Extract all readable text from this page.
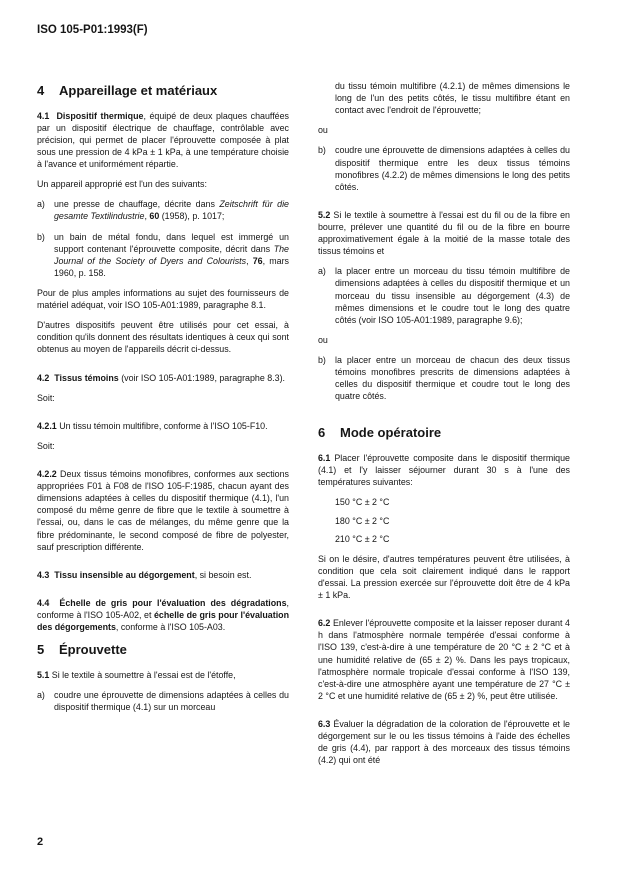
ISO 105-P01:1993(F)
4	Appareillage et matériaux

4.1 Dispositif thermique, équipé de deux plaques chauffées par un dispositif électrique de chauffage, contrôlable avec précision, qui permet de placer l'éprouvette composée à plat sous une pression de 4 kPa ± 1 kPa, à une température choisie à l'avance et uniformément répartie.

Un appareil approprié est l'un des suivants:

a)	une presse de chauffage, décrite dans Zeitschrift für die gesamte Textilindustrie, 60 (1958), p. 1017;
b)	un bain de métal fondu, dans lequel est immergé un support contenant l'éprouvette composite, décrit dans The Journal of the Society of Dyers and Colourists, 76, mars 1960, p. 158.

Pour de plus amples informations au sujet des fournisseurs de matériel adéquat, voir ISO 105-A01:1989, paragraphe 8.1.

D'autres dispositifs peuvent être utilisés pour cet essai, à condition qu'ils donnent des résultats identiques à ceux qui sont obtenus au moyen de l'appareils décrit ci-dessus.

4.2 Tissus témoins (voir ISO 105-A01:1989, paragraphe 8.3).

Soit:

4.2.1 Un tissu témoin multifibre, conforme à l'ISO 105-F10.

Soit:

4.2.2 Deux tissus témoins monofibres, conformes aux sections appropriées F01 à F08 de l'ISO 105-F:1985, chacun ayant des dimensions adaptées à celles du dispositif thermique (4.1), l'un composé du même genre de fibre que le textile à soumettre à l'essai, ou, dans le cas de mélanges, du même genre que la fibre prédominante, le second composé de fibre de polyester, sauf prescription différente.

4.3 Tissu insensible au dégorgement, si besoin est.

4.4 Échelle de gris pour l'évaluation des dégradations, conforme à l'ISO 105-A02, et échelle de gris pour l'évaluation des dégorgements, conforme à l'ISO 105-A03.

5	Éprouvette

5.1 Si le textile à soumettre à l'essai est de l'étoffe,

a)	coudre une éprouvette de dimensions adaptées à celles du dispositif thermique (4.1) sur un morceau
du tissu témoin multifibre (4.2.1) de mêmes dimensions le long de l'un des petits côtés, le tissu multifibre étant en contact avec l'endroit de l'éprouvette;

ou

b)	coudre une éprouvette de dimensions adaptées à celles du dispositif thermique entre les deux tissus témoins monofibres (4.2.2) de mêmes dimensions le long des petits côtés.

5.2 Si le textile à soumettre à l'essai est du fil ou de la fibre en bourre, prélever une quantité du fil ou de la fibre en bourre approximativement égale à la moitié de la masse totale des tissus témoins et

a)	la placer entre un morceau du tissu témoin multifibre de dimensions adaptées à celles du dispositif thermique et un morceau du tissu insensible au dégorgement (4.3) de mêmes dimensions et le coudre tout le long des quatre côtés (voir ISO 105-A01:1989, paragraphe 9.6);

ou

b)	la placer entre un morceau de chacun des deux tissus témoins monofibres prescrits de dimensions adaptées à celles du dispositif thermique et coudre tout le long des quatre côtés.
6	Mode opératoire

6.1 Placer l'éprouvette composite dans le dispositif thermique (4.1) et l'y laisser séjourner durant 30 s à l'une des températures suivantes:

150 °C ± 2 °C
180 °C ± 2 °C
210 °C ± 2 °C

Si on le désire, d'autres températures peuvent être utilisées, à condition que cela soit clairement indiqué dans le rapport d'essai. La pression exercée sur l'éprouvette doit être de 4 kPa ± 1 kPa.

6.2 Enlever l'éprouvette composite et la laisser reposer durant 4 h dans l'atmosphère normale tempérée d'essai conforme à l'ISO 139, c'est-à-dire à une température de 20 °C ± 2 °C et à une humidité relative de (65 ± 2) %. Dans les pays tropicaux, l'atmosphère normale tropicale d'essai conforme à l'ISO 139, c'est-à-dire une atmosphère ayant une température de 27 °C ± 2 °C et une humidité relative de (65 ± 2) %, peut être utilisée.

6.3 Évaluer la dégradation de la coloration de l'éprouvette et le dégorgement sur le ou les tissus témoins à l'aide des échelles de gris (4.4), par rapport à des morceaux des tissus témoins (4.2) qui ont été

2
